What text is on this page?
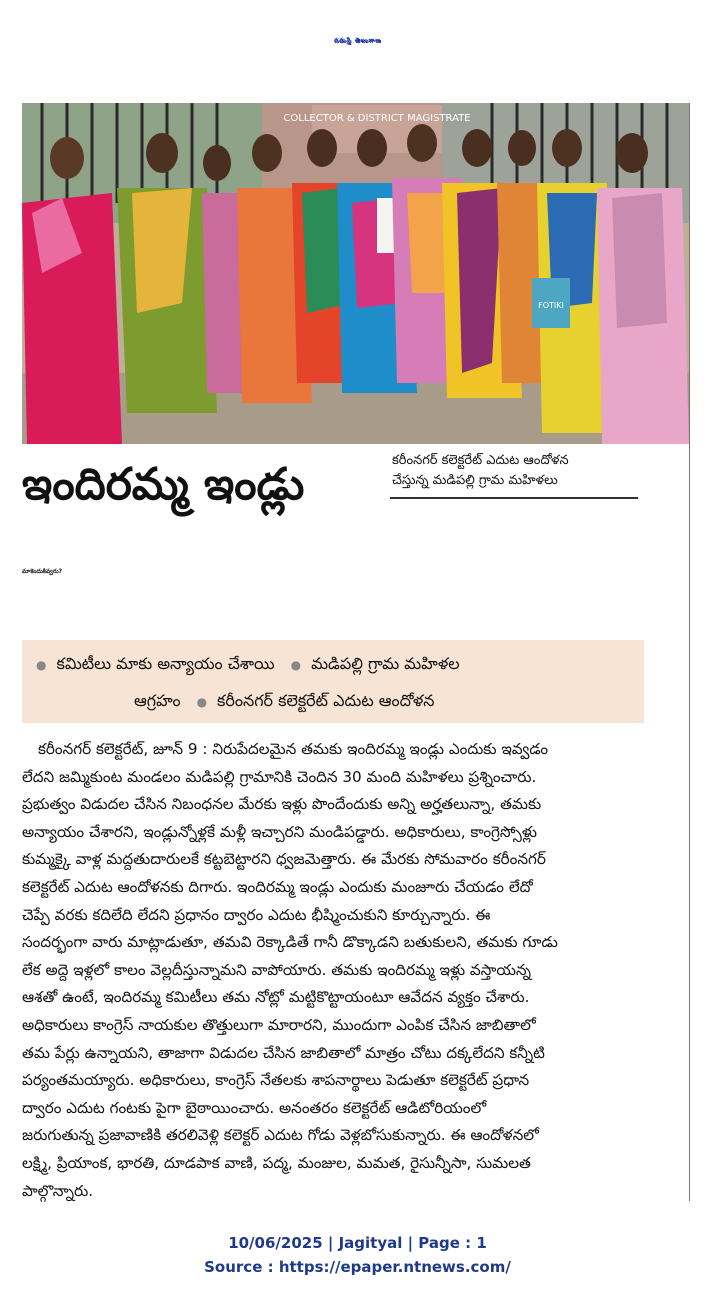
నమస్తే తెలంగాణ
COLLECTOR & DISTRICT MAGISTRATE
FOTIKI
ఇందిరమ్మ ఇండ్లు	కరీంనగర్ కలెక్టరేట్ ఎదుట ఆందోళన
చేస్తున్న మడిపల్లి గ్రామ మహిళలు
మాకెందుకివ్వరు?
● కమిటీలు మాకు అన్యాయం చేశాయి ● మడిపల్లి గ్రామ మహిళల
ఆగ్రహం ● కరీంనగర్ కలెక్టరేట్ ఎదుట ఆందోళన
కరీంనగర్ కలెక్టరేట్, జూన్ 9 : నిరుపేదలమైన తమకు ఇందిరమ్మ ఇండ్లు ఎందుకు ఇవ్వడం
లేదని జమ్మికుంట మండలం మడిపల్లి గ్రామానికి చెందిన 30 మంది మహిళలు ప్రశ్నించారు.
ప్రభుత్వం విడుదల చేసిన నిబంధనల మేరకు ఇళ్లు పొందేందుకు అన్ని అర్హతలున్నా, తమకు
అన్యాయం చేశారని, ఇండ్లున్నోళ్లకే మళ్లీ ఇచ్చారని మండిపడ్డారు. అధికారులు, కాంగ్రెస్సోళ్లు
కుమ్మక్కై వాళ్ల మద్దతుదారులకే కట్టబెట్టారని ధ్వజమెత్తారు. ఈ మేరకు సోమవారం కరీంనగర్
కలెక్టరేట్ ఎదుట ఆందోళనకు దిగారు. ఇందిరమ్మ ఇండ్లు ఎందుకు మంజూరు చేయడం లేదో
చెప్పే వరకు కదిలేది లేదని ప్రధానం ద్వారం ఎదుట భీష్మించుకుని కూర్చున్నారు. ఈ
సందర్భంగా వారు మాట్లాడుతూ, తమవి రెక్కాడితే గానీ డొక్కాడని బతుకులని, తమకు గూడు
లేక అద్దె ఇళ్లలో కాలం వెల్లదీస్తున్నామని వాపోయారు. తమకు ఇందిరమ్మ ఇళ్లు వస్తాయన్న
ఆశతో ఉంటే, ఇందిరమ్మ కమిటీలు తమ నోట్లో మట్టికొట్టాయంటూ ఆవేదన వ్యక్తం చేశారు.
అధికారులు కాంగ్రెస్ నాయకుల తొత్తులుగా మారారని, ముందుగా ఎంపిక చేసిన జాబితాలో
తమ పేర్లు ఉన్నాయని, తాజాగా విడుదల చేసిన జాబితాలో మాత్రం చోటు దక్కలేదని కన్నీటి
పర్యంతమయ్యారు. అధికారులు, కాంగ్రెస్ నేతలకు శాపనార్థాలు పెడుతూ కలెక్టరేట్ ప్రధాన
ద్వారం ఎదుట గంటకు పైగా బైఠాయించారు. అనంతరం కలెక్టరేట్ ఆడిటోరియంలో
జరుగుతున్న ప్రజావాణికి తరలివెళ్లి కలెక్టర్ ఎదుట గోడు వెళ్లబోసుకున్నారు. ఈ ఆందోళనలో
లక్ష్మి, ప్రియాంక, భారతి, దూడపాక వాణి, పద్మ, మంజుల, మమత, రైసున్నీసా, సుమలత
పాల్గొన్నారు.
10/06/2025 | Jagityal | Page : 1
Source : https://epaper.ntnews.com/
